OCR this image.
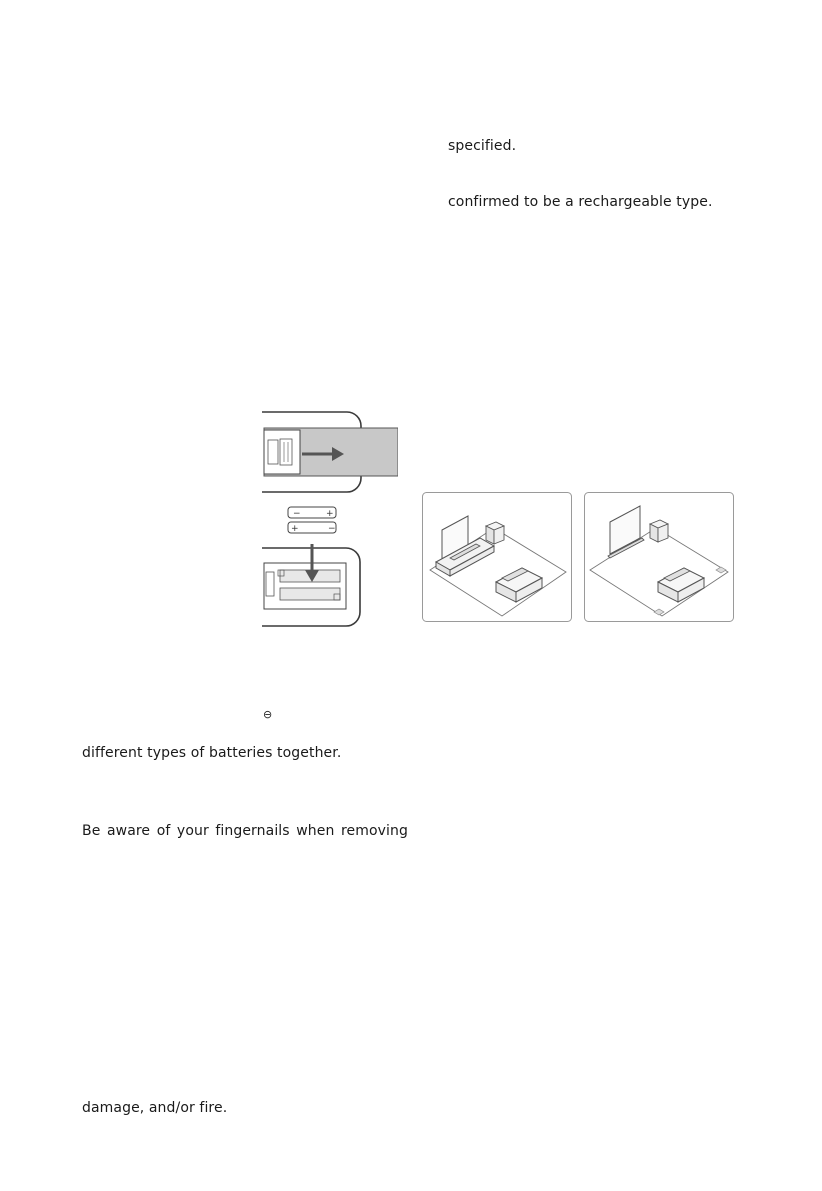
specified.
confirmed to be a rechargeable type.
−	+
+	−
⊖
different types of batteries together.
Be aware of your fingernails when removing
damage, and/or fire.
